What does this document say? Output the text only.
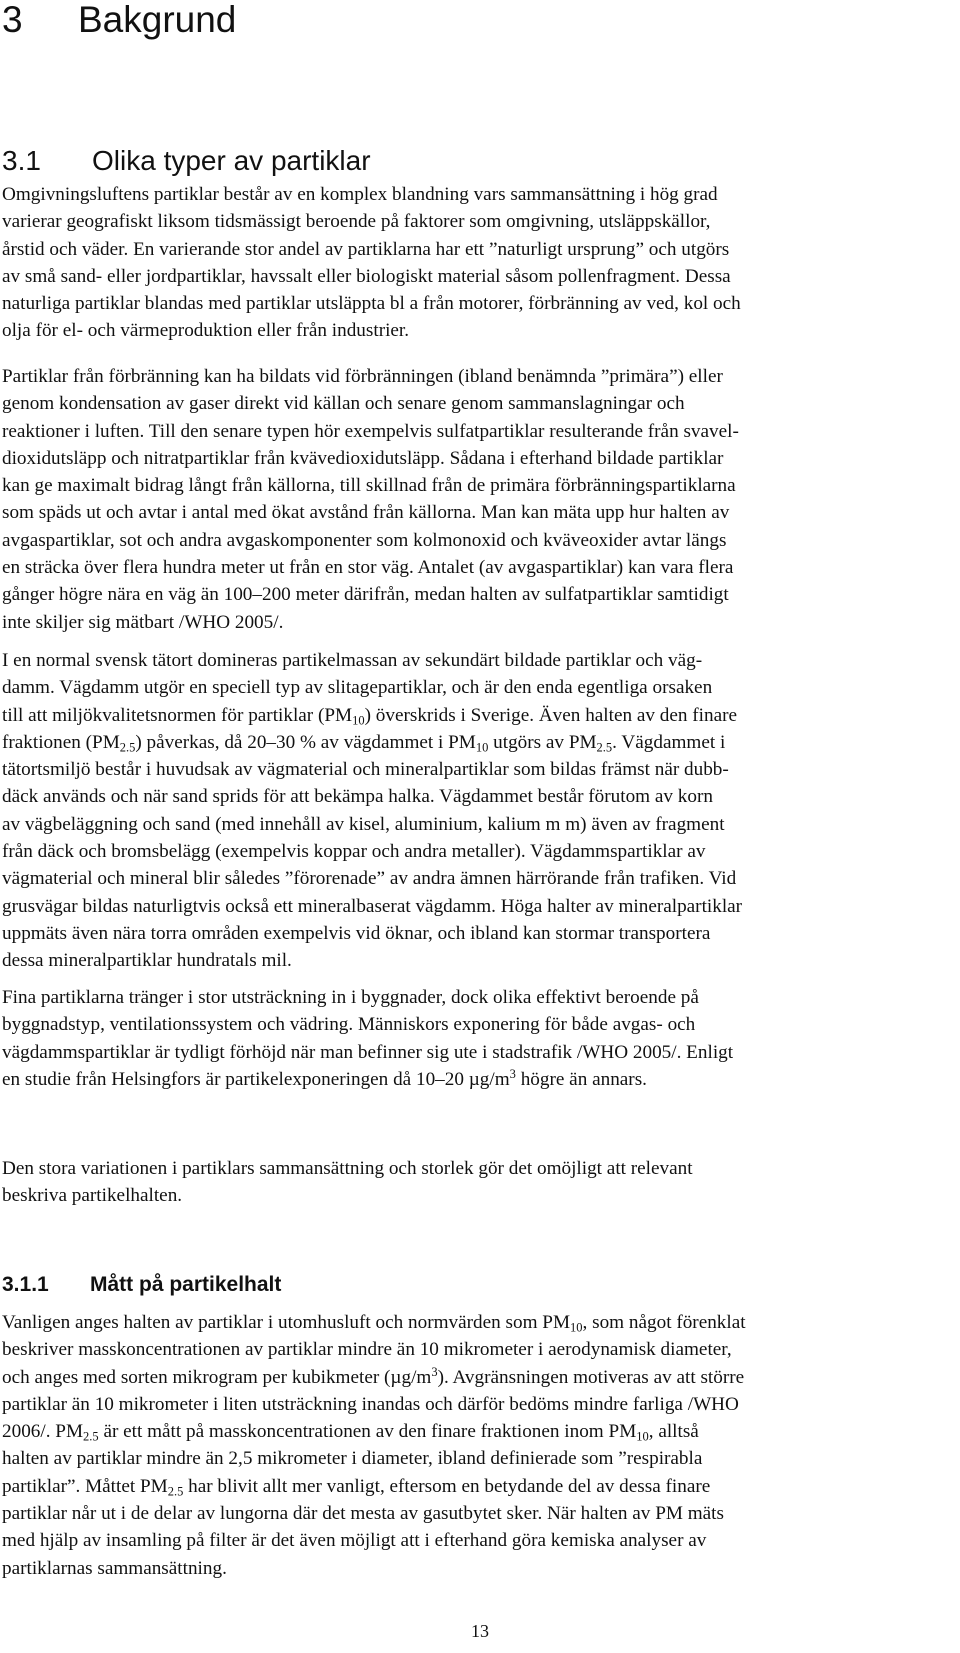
3 Bakgrund
3.1 Olika typer av partiklar
Omgivningsluftens partiklar består av en komplex blandning vars sammansättning i hög grad
varierar geografiskt liksom tidsmässigt beroende på faktorer som omgivning, utsläppskällor,
årstid och väder. En varierande stor andel av partiklarna har ett ”naturligt ursprung” och utgörs
av små sand- eller jordpartiklar, havssalt eller biologiskt material såsom pollenfragment. Dessa
naturliga partiklar blandas med partiklar utsläppta bl a från motorer, förbränning av ved, kol och
olja för el- och värmeproduktion eller från industrier.
Partiklar från förbränning kan ha bildats vid förbränningen (ibland benämnda ”primära”) eller
genom kondensation av gaser direkt vid källan och senare genom sammanslagningar och
reaktioner i luften. Till den senare typen hör exempelvis sulfatpartiklar resulterande från svavel-
dioxidutsläpp och nitratpartiklar från kvävedioxidutsläpp. Sådana i efterhand bildade partiklar
kan ge maximalt bidrag långt från källorna, till skillnad från de primära förbränningspartiklarna
som späds ut och avtar i antal med ökat avstånd från källorna. Man kan mäta upp hur halten av
avgaspartiklar, sot och andra avgaskomponenter som kolmonoxid och kväveoxider avtar längs
en sträcka över flera hundra meter ut från en stor väg. Antalet (av avgaspartiklar) kan vara flera
gånger högre nära en väg än 100–200 meter därifrån, medan halten av sulfatpartiklar samtidigt
inte skiljer sig mätbart /WHO 2005/.
I en normal svensk tätort domineras partikelmassan av sekundärt bildade partiklar och väg-
damm. Vägdamm utgör en speciell typ av slitagepartiklar, och är den enda egentliga orsaken
till att miljökvalitetsnormen för partiklar $(PM_{10})$ överskrids i Sverige. Även halten av den finare
fraktionen $(PM_{2.5})$ påverkas, då 20–30 % av vägdammet i $PM_{10}$ utgörs av $PM_{2.5}$. Vägdammet i
tätortsmiljö består i huvudsak av vägmaterial och mineralpartiklar som bildas främst när dubb-
däck används och när sand sprids för att bekämpa halka. Vägdammet består förutom av korn
av vägbeläggning och sand (med innehåll av kisel, aluminium, kalium m m) även av fragment
från däck och bromsbelägg (exempelvis koppar och andra metaller). Vägdammspartiklar av
vägmaterial och mineral blir således ”förorenade” av andra ämnen härrörande från trafiken. Vid
grusvägar bildas naturligtvis också ett mineralbaserat vägdamm. Höga halter av mineralpartiklar
uppmäts även nära torra områden exempelvis vid öknar, och ibland kan stormar transportera
dessa mineralpartiklar hundratals mil.
Fina partiklarna tränger i stor utsträckning in i byggnader, dock olika effektivt beroende på
byggnadstyp, ventilationssystem och vädring. Människors exponering för både avgas- och
vägdammspartiklar är tydligt förhöjd när man befinner sig ute i stadstrafik /WHO 2005/. Enligt
en studie från Helsingfors är partikelexponeringen då 10–20 $\mu g/m^3$ högre än annars.
Den stora variationen i partiklars sammansättning och storlek gör det omöjligt att relevant
beskriva partikelhalten.
3.1.1 Mått på partikelhalt
Vanligen anges halten av partiklar i utomhusluft och normvärden som $PM_{10}$, som något förenklat
beskriver masskoncentrationen av partiklar mindre än 10 mikrometer i aerodynamisk diameter,
och anges med sorten mikrogram per kubikmeter $(\mu g/m^3)$. Avgränsningen motiveras av att större
partiklar än 10 mikrometer i liten utsträckning inandas och därför bedöms mindre farliga /WHO
2006/. $PM_{2.5}$ är ett mått på masskoncentrationen av den finare fraktionen inom $PM_{10}$, alltså
halten av partiklar mindre än 2,5 mikrometer i diameter, ibland definierade som ”respirabla
partiklar”. Måttet $PM_{2.5}$ har blivit allt mer vanligt, eftersom en betydande del av dessa finare
partiklar når ut i de delar av lungorna där det mesta av gasutbytet sker. När halten av PM mäts
med hjälp av insamling på filter är det även möjligt att i efterhand göra kemiska analyser av
partiklarnas sammansättning.
13
